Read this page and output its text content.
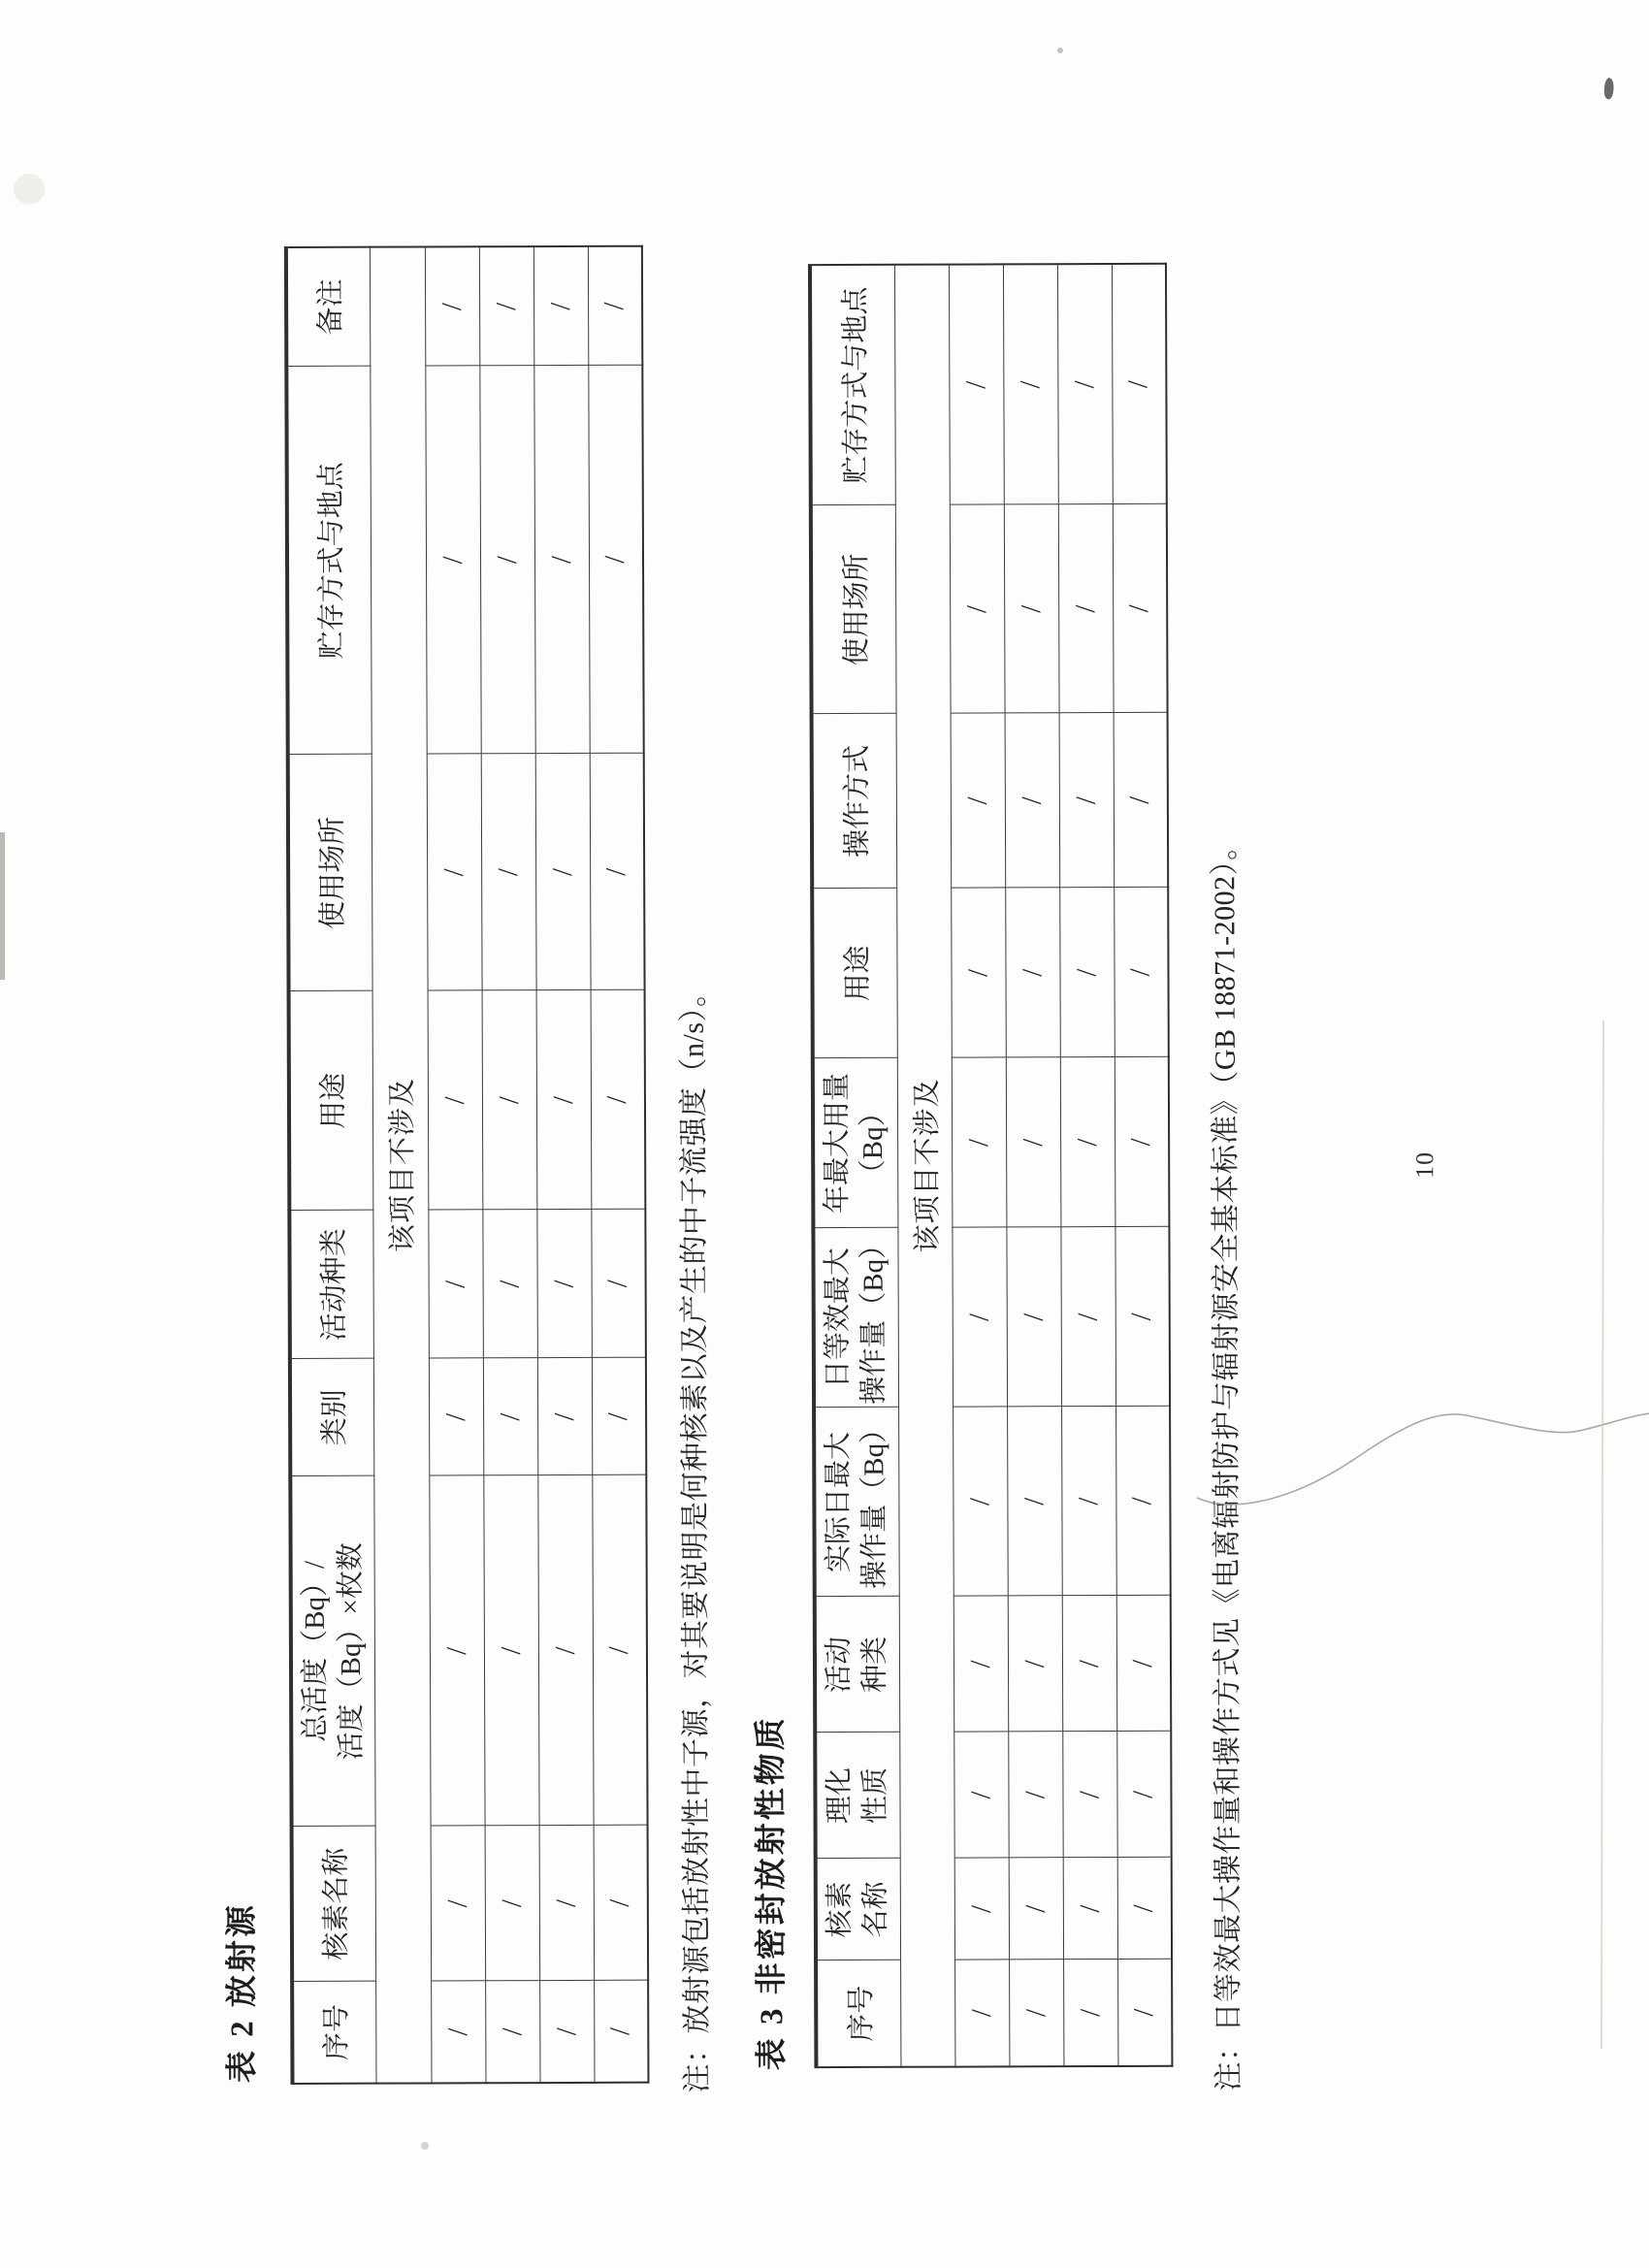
表 2 放射源 序号	核素名称	总活度（Bq）/ 活度（Bq）×枚数	类别	活动种类	用途	使用场所	贮存方式与地点	备注
该项目不涉及								
/	/	/	/	/	/	/	/	/
/	/	/	/	/	/	/	/	/
/	/	/	/	/	/	/	/	/
/	/	/	/	/	/	/	/	/
注：放射源包括放射性中子源，对其要说明是何种核素以及产生的中子流强度（n/s）。 表 3 非密封放射性物质 序号	核素 名称	理化 性质	活动 种类	实际日最大 操作量（Bq）	日等效最大 操作量（Bq）	年最大用量 （Bq）	用途	操作方式	使用场所	贮存方式与地点
该项目不涉及										
/	/	/	/	/	/	/	/	/	/	/
/	/	/	/	/	/	/	/	/	/	/
/	/	/	/	/	/	/	/	/	/	/
/	/	/	/	/	/	/	/	/	/	/
注：日等效最大操作量和操作方式见《电离辐射防护与辐射源安全基本标准》（GB 18871-2002）。	10
